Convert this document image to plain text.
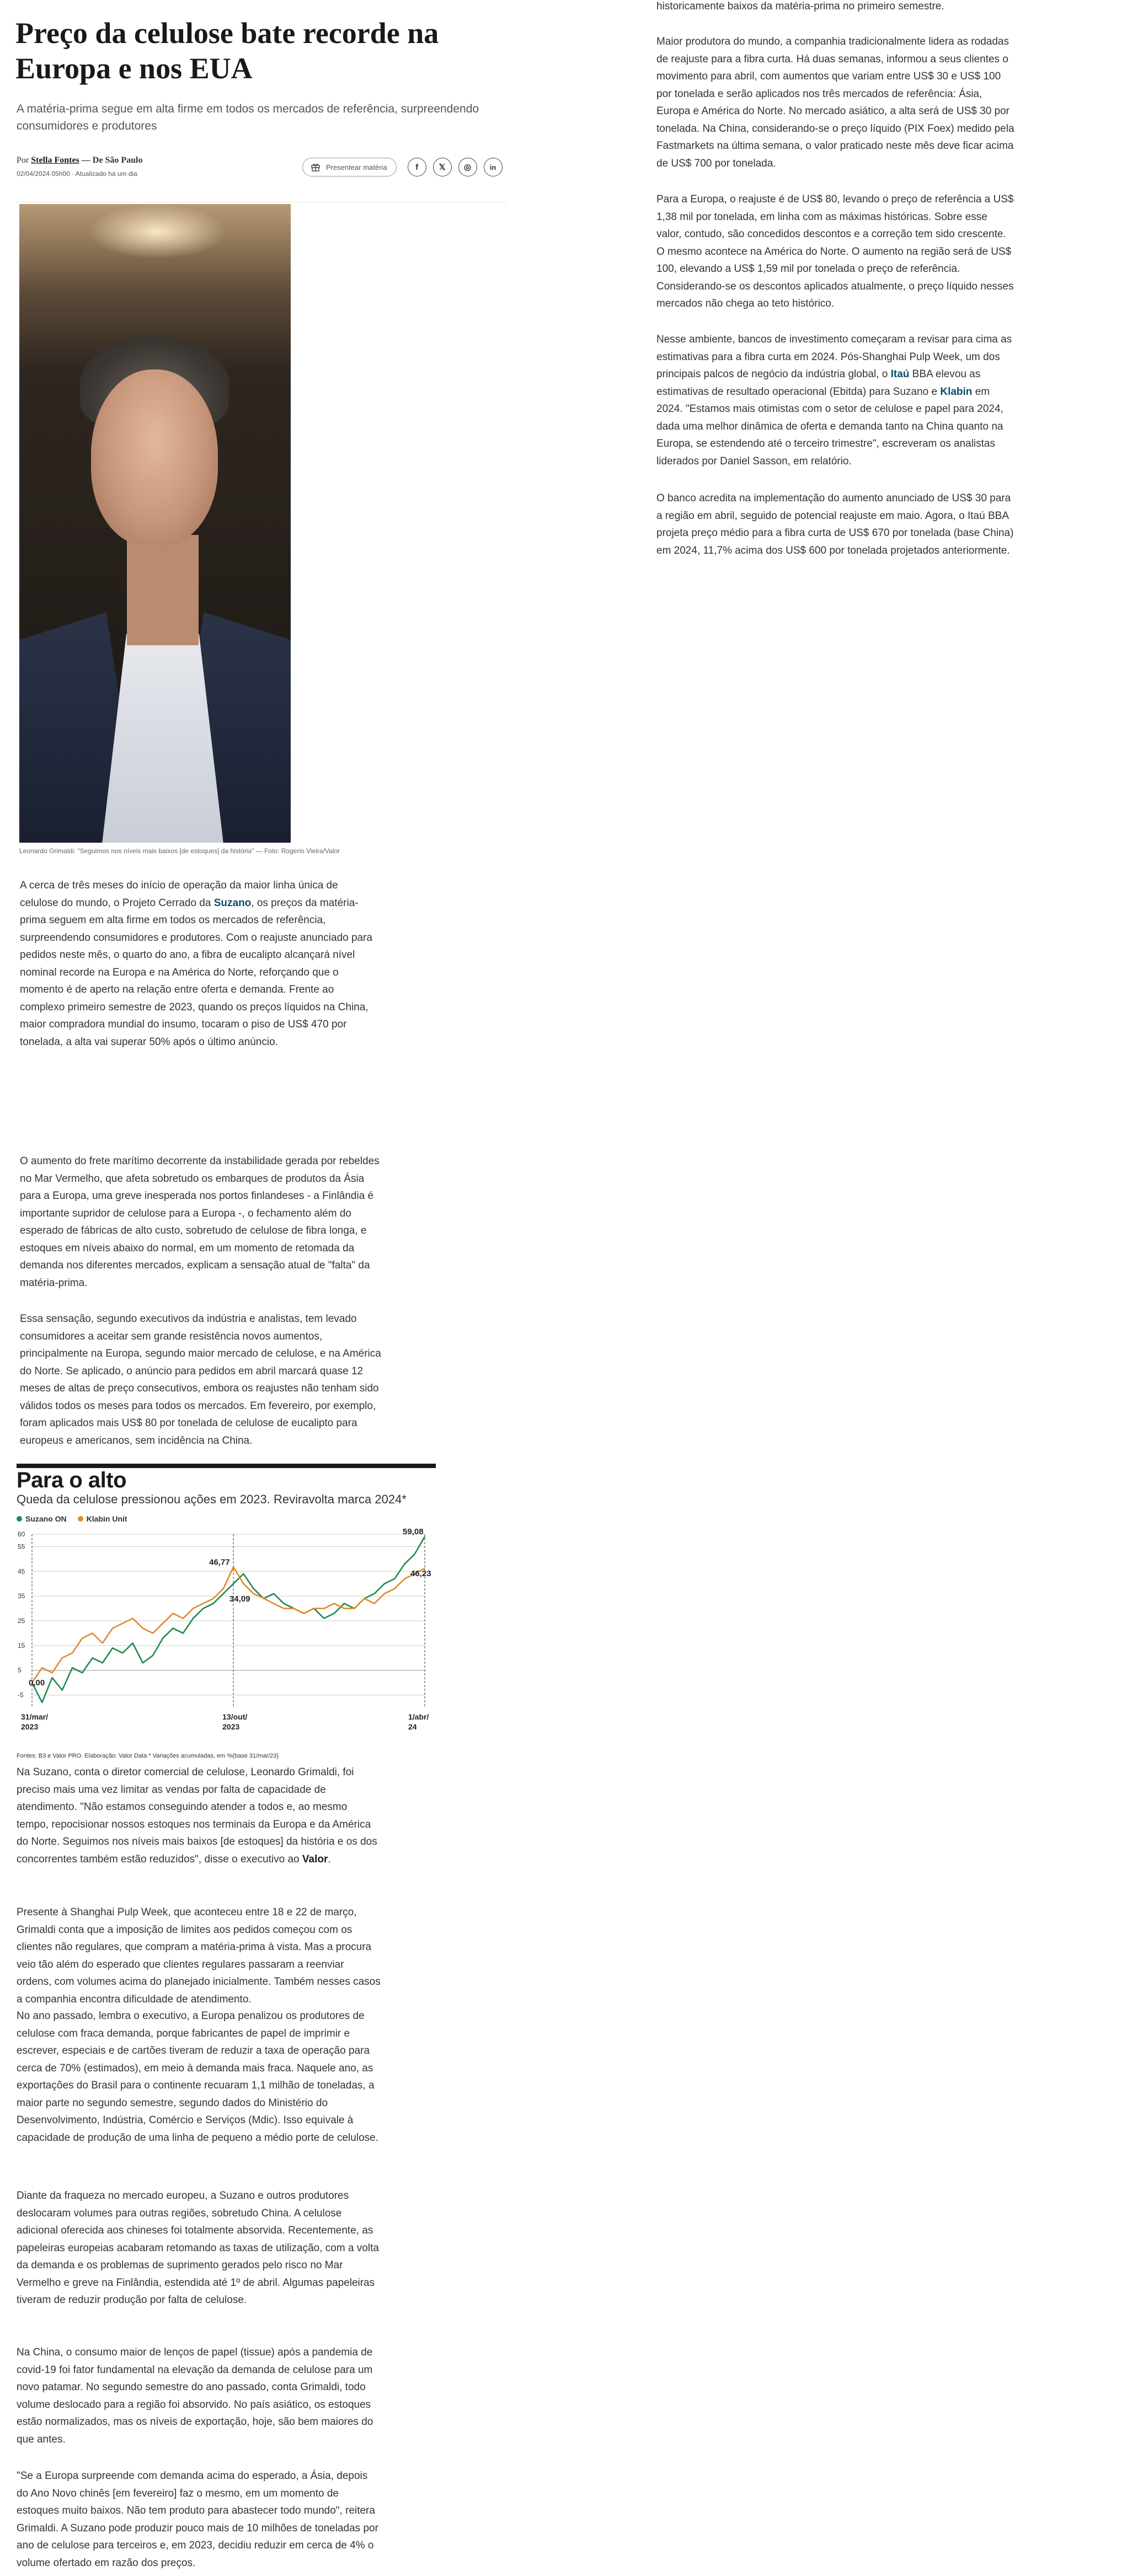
Preço da celulose bate recorde na Europa e nos EUA

A matéria-prima segue em alta firme em todos os mercados de referência, surpreendendo consumidores e produtores

Por Stella Fontes — De São Paulo
02/04/2024 05h00 · Atualizado há um dia
Presentear matéria	f 𝕏 ◎	in
Leonardo Grimaldi: "Seguimos nos níveis mais baixos [de estoques] da história" — Foto: Rogerio Vieira/Valor

A cerca de três meses do início de operação da maior linha única de celulose do mundo, o Projeto Cerrado da Suzano, os preços da matéria-prima seguem em alta firme em todos os mercados de referência, surpreendendo consumidores e produtores. Com o reajuste anunciado para pedidos neste mês, o quarto do ano, a fibra de eucalipto alcançará nível nominal recorde na Europa e na América do Norte, reforçando que o momento é de aperto na relação entre oferta e demanda. Frente ao complexo primeiro semestre de 2023, quando os preços líquidos na China, maior compradora mundial do insumo, tocaram o piso de US$ 470 por tonelada, a alta vai superar 50% após o último anúncio.

O aumento do frete marítimo decorrente da instabilidade gerada por rebeldes no Mar Vermelho, que afeta sobretudo os embarques de produtos da Ásia para a Europa, uma greve inesperada nos portos finlandeses - a Finlândia é importante supridor de celulose para a Europa -, o fechamento além do esperado de fábricas de alto custo, sobretudo de celulose de fibra longa, e estoques em níveis abaixo do normal, em um momento de retomada da demanda nos diferentes mercados, explicam a sensação atual de "falta" da matéria-prima.

Essa sensação, segundo executivos da indústria e analistas, tem levado consumidores a aceitar sem grande resistência novos aumentos, principalmente na Europa, segundo maior mercado de celulose, e na América do Norte. Se aplicado, o anúncio para pedidos em abril marcará quase 12 meses de altas de preço consecutivos, embora os reajustes não tenham sido válidos todos os meses para todos os mercados. Em fevereiro, por exemplo, foram aplicados mais US$ 80 por tonelada de celulose de eucalipto para europeus e americanos, sem incidência na China.

Para o alto
Queda da celulose pressionou ações em 2023. Reviravolta marca 2024*
Suzano ON	Klabin Unit
60
55
45
35
25
15
5
-5
31/mar/
2023
13/out/
2023
1/abr/
24
0,00
46,77
34,09
59,08
46,23
Fontes: B3 e Valor PRO. Elaboração: Valor Data * Variações acumuladas, em %(base 31/mar/23)

Na Suzano, conta o diretor comercial de celulose, Leonardo Grimaldi, foi preciso mais uma vez limitar as vendas por falta de capacidade de atendimento. "Não estamos conseguindo atender a todos e, ao mesmo tempo, repocisionar nossos estoques nos terminais da Europa e da América do Norte. Seguimos nos níveis mais baixos [de estoques] da história e os dos concorrentes também estão reduzidos", disse o executivo ao Valor.

Presente à Shanghai Pulp Week, que aconteceu entre 18 e 22 de março, Grimaldi conta que a imposição de limites aos pedidos começou com os clientes não regulares, que compram a matéria-prima à vista. Mas a procura veio tão além do esperado que clientes regulares passaram a reenviar ordens, com volumes acima do planejado inicialmente. Também nesses casos a companhia encontra dificuldade de atendimento.

No ano passado, lembra o executivo, a Europa penalizou os produtores de celulose com fraca demanda, porque fabricantes de papel de imprimir e escrever, especiais e de cartões tiveram de reduzir a taxa de operação para cerca de 70% (estimados), em meio à demanda mais fraca. Naquele ano, as exportações do Brasil para o continente recuaram 1,1 milhão de toneladas, a maior parte no segundo semestre, segundo dados do Ministério do Desenvolvimento, Indústria, Comércio e Serviços (Mdic). Isso equivale à capacidade de produção de uma linha de pequeno a médio porte de celulose.

Diante da fraqueza no mercado europeu, a Suzano e outros produtores deslocaram volumes para outras regiões, sobretudo China. A celulose adicional oferecida aos chineses foi totalmente absorvida. Recentemente, as papeleiras europeias acabaram retomando as taxas de utilização, com a volta da demanda e os problemas de suprimento gerados pelo risco no Mar Vermelho e greve na Finlândia, estendida até 1º de abril. Algumas papeleiras tiveram de reduzir produção por falta de celulose.

Na China, o consumo maior de lenços de papel (tissue) após a pandemia de covid-19 foi fator fundamental na elevação da demanda de celulose para um novo patamar. No segundo semestre do ano passado, conta Grimaldi, todo volume deslocado para a região foi absorvido. No país asiático, os estoques estão normalizados, mas os níveis de exportação, hoje, são bem maiores do que antes.

"Se a Europa surpreende com demanda acima do esperado, a Ásia, depois do Ano Novo chinês [em fevereiro] faz o mesmo, em um momento de estoques muito baixos. Não tem produto para abastecer todo mundo", reitera Grimaldi. A Suzano pode produzir pouco mais de 10 milhões de toneladas por ano de celulose para terceiros e, em 2023, decidiu reduzir em cerca de 4% o volume ofertado em razão dos preços.

historicamente baixos da matéria-prima no primeiro semestre.

Maior produtora do mundo, a companhia tradicionalmente lidera as rodadas de reajuste para a fibra curta. Há duas semanas, informou a seus clientes o movimento para abril, com aumentos que variam entre US$ 30 e US$ 100 por tonelada e serão aplicados nos três mercados de referência: Ásia, Europa e América do Norte. No mercado asiático, a alta será de US$ 30 por tonelada. Na China, considerando-se o preço líquido (PIX Foex) medido pela Fastmarkets na última semana, o valor praticado neste mês deve ficar acima de US$ 700 por tonelada.

Para a Europa, o reajuste é de US$ 80, levando o preço de referência a US$ 1,38 mil por tonelada, em linha com as máximas históricas. Sobre esse valor, contudo, são concedidos descontos e a correção tem sido crescente. O mesmo acontece na América do Norte. O aumento na região será de US$ 100, elevando a US$ 1,59 mil por tonelada o preço de referência. Considerando-se os descontos aplicados atualmente, o preço líquido nesses mercados não chega ao teto histórico.

Nesse ambiente, bancos de investimento começaram a revisar para cima as estimativas para a fibra curta em 2024. Pós-Shanghai Pulp Week, um dos principais palcos de negócio da indústria global, o Itaú BBA elevou as estimativas de resultado operacional (Ebitda) para Suzano e Klabin em 2024. "Estamos mais otimistas com o setor de celulose e papel para 2024, dada uma melhor dinâmica de oferta e demanda tanto na China quanto na Europa, se estendendo até o terceiro trimestre", escreveram os analistas liderados por Daniel Sasson, em relatório.

O banco acredita na implementação do aumento anunciado de US$ 30 para a região em abril, seguido de potencial reajuste em maio. Agora, o Itaú BBA projeta preço médio para a fibra curta de US$ 670 por tonelada (base China) em 2024, 11,7% acima dos US$ 600 por tonelada projetados anteriormente.
